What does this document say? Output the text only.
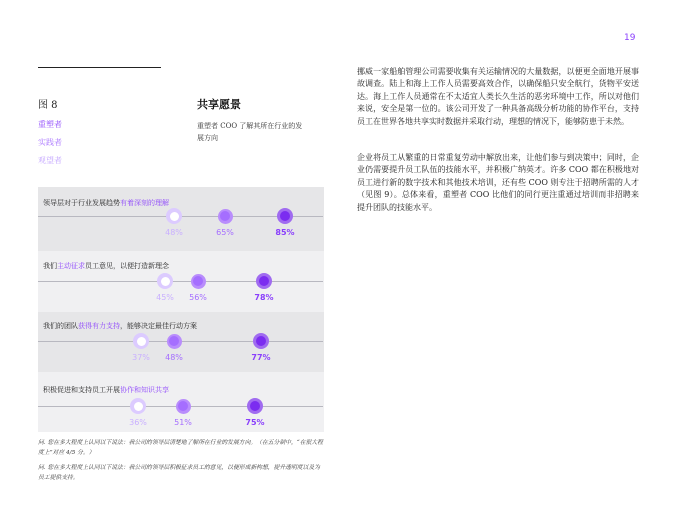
19
图 8
重塑者
实践者
观望者
共享愿景
重塑者 COO 了解其所在行业的发展方向
领导层对于行业发展趋势有着深刻的理解
我们主动征求员工意见，以便打造新理念
我们的团队获得有力支持，能够决定最佳行动方案
积极促进和支持员工开展协作和知识共享
48%	65%	85%
45% 56%	78%
37% 48%	77%
36%	51%	75%
问. 您在多大程度上认同以下说法：我公司的领导层清楚地了解所在行业的发展方向。（在五分制中，“在很大程度上”对应 4/5 分。）
问. 您在多大程度上认同以下说法：我公司的领导层积极征求员工的意见，以便形成新构想，提升透明度以及为员工提供支持。
挪威一家船舶管理公司需要收集有关运输情况的大量数据，以便更全面地开展事故调查。陆上和海上工作人员需要高效合作，以确保船只安全航行，货物平安送达。海上工作人员通常在不太适宜人类长久生活的恶劣环境中工作，所以对他们来说，安全是第一位的。该公司开发了一种具备高级分析功能的协作平台，支持员工在世界各地共享实时数据并采取行动，理想的情况下，能够防患于未然。
企业将员工从繁重的日常重复劳动中解放出来，让他们参与到决策中；同时，企业仍需要提升员工队伍的技能水平，并积极广纳英才。许多 COO 都在积极地对员工进行新的数字技术和其他技术培训，还有些 COO 则专注于招聘所需的人才（见图 9）。总体来看，重塑者 COO 比他们的同行更注重通过培训而非招聘来提升团队的技能水平。
